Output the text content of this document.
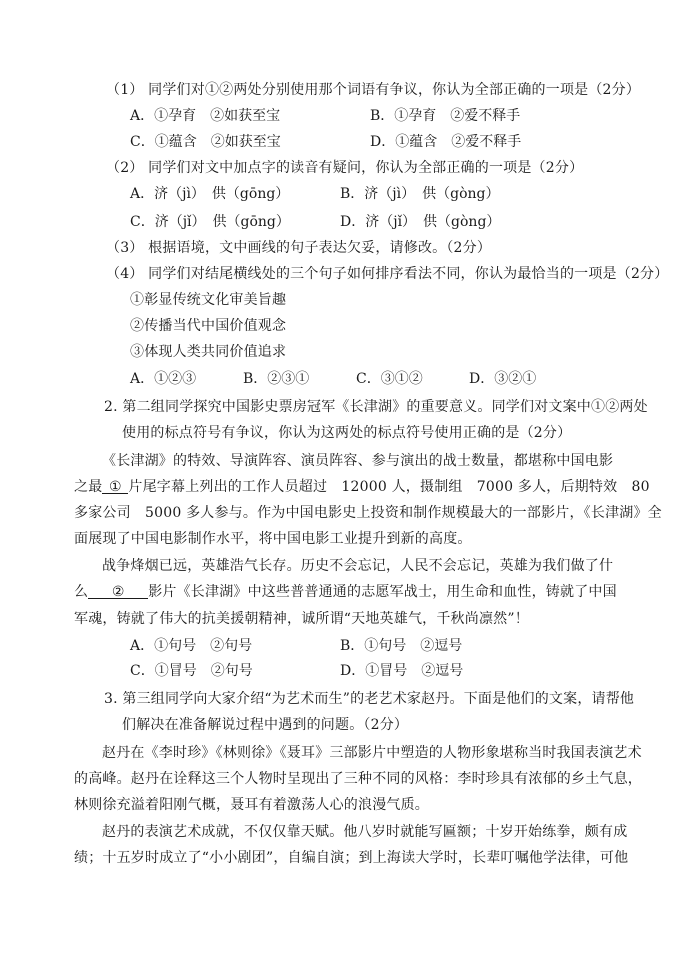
（1） 同学们对①②两处分别使用那个词语有争议，你认为全部正确的一项是（2分）
A．①孕育　②如获至宝	B．①孕育　②爱不释手
C．①蕴含　②如获至宝	D．①蕴含　②爱不释手
（2） 同学们对文中加点字的读音有疑问，你认为全部正确的一项是（2分）
A．济（jì）　供（gōng）	B．济（jì）　供（gòng）
C．济（jǐ）　供（gōng）	D．济（jǐ）　供（gòng）
（3） 根据语境，文中画线的句子表达欠妥，请修改。（2分）
（4） 同学们对结尾横线处的三个句子如何排序看法不同，你认为最恰当的一项是（2分）
①彰显传统文化审美旨趣
②传播当代中国价值观念
③体现人类共同价值追求
A．①②③	B．②③①	C．③①②	D．③②①
2. 第二组同学探究中国影史票房冠军《长津湖》的重要意义。同学们对文案中①②两处
使用的标点符号有争议，你认为这两处的标点符号使用正确的是（2分）
《长津湖》的特效、导演阵容、演员阵容、参与演出的战士数量，都堪称中国电影
之最 ① 片尾字幕上列出的工作人员超过　12000 人，摄制组　7000 多人，后期特效　80
多家公司　5000 多人参与。作为中国电影史上投资和制作规模最大的一部影片，《长津湖》全
面展现了中国电影制作水平，将中国电影工业提升到新的高度。
战争烽烟已远，英雄浩气长存。历史不会忘记，人民不会忘记，英雄为我们做了什
么 ② 影片《长津湖》中这些普普通通的志愿军战士，用生命和血性，铸就了中国
军魂，铸就了伟大的抗美援朝精神，诚所谓“天地英雄气，千秋尚凛然”！
A．①句号　②句号	B．①句号　②逗号
C．①冒号　②句号	D．①冒号　②逗号
3. 第三组同学向大家介绍“为艺术而生”的老艺术家赵丹。下面是他们的文案，请帮他
们解决在准备解说过程中遇到的问题。（2分）
赵丹在《李时珍》《林则徐》《聂耳》三部影片中塑造的人物形象堪称当时我国表演艺术
的高峰。赵丹在诠释这三个人物时呈现出了三种不同的风格：李时珍具有浓郁的乡土气息，
林则徐充溢着阳刚气概，聂耳有着激荡人心的浪漫气质。
赵丹的表演艺术成就，不仅仅靠天赋。他八岁时就能写匾额；十岁开始练拳，颇有成
绩；十五岁时成立了“小小剧团”，自编自演；到上海读大学时，长辈叮嘱他学法律，可他
